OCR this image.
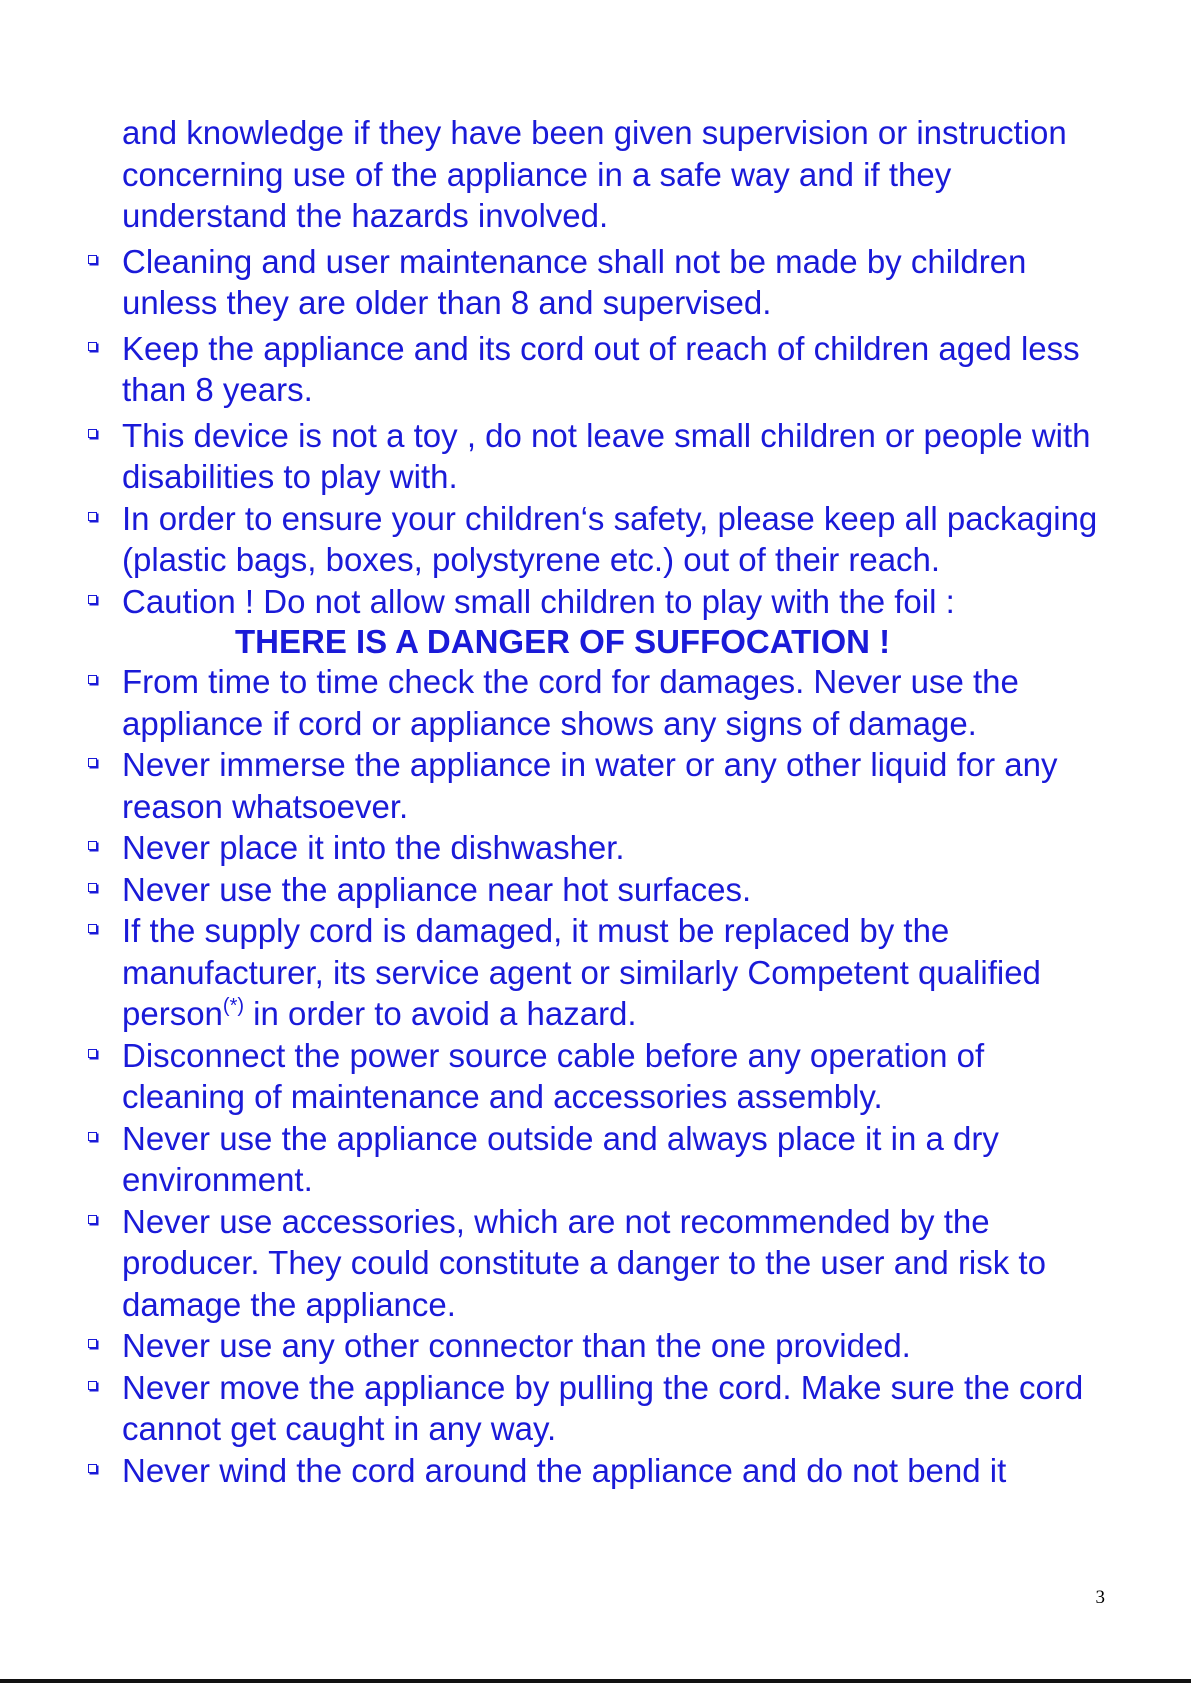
and knowledge if they have been given supervision or instruction concerning use of the appliance in a safe way and if they understand the hazards involved.
Cleaning and user maintenance shall not be made by children unless they are older than 8 and supervised.
Keep the appliance and its cord out of reach of children aged less than 8 years.
This device is not a toy , do not leave small children or people with disabilities to play with.
In order to ensure your children‘s safety, please keep all packaging (plastic bags, boxes, polystyrene etc.) out of their reach.
Caution ! Do not allow small children to play with the foil :
THERE IS A DANGER OF SUFFOCATION !
From time to time check the cord for damages. Never use the appliance if cord or appliance shows any signs of damage.
Never immerse the appliance in water or any other liquid for any reason whatsoever.
Never place it into the dishwasher.
Never use the appliance near hot surfaces.
If the supply cord is damaged, it must be replaced by the manufacturer, its service agent or similarly Competent qualified person(*) in order to avoid a hazard.
Disconnect the power source cable before any operation of cleaning of maintenance and accessories assembly.
Never use the appliance outside and always place it in a dry environment.
Never use accessories, which are not recommended by the producer. They could constitute a danger to the user and risk to damage the appliance.
Never use any other connector than the one provided.
Never move the appliance by pulling the cord. Make sure the cord cannot get caught in any way.
Never wind the cord around the appliance and do not bend it
3
